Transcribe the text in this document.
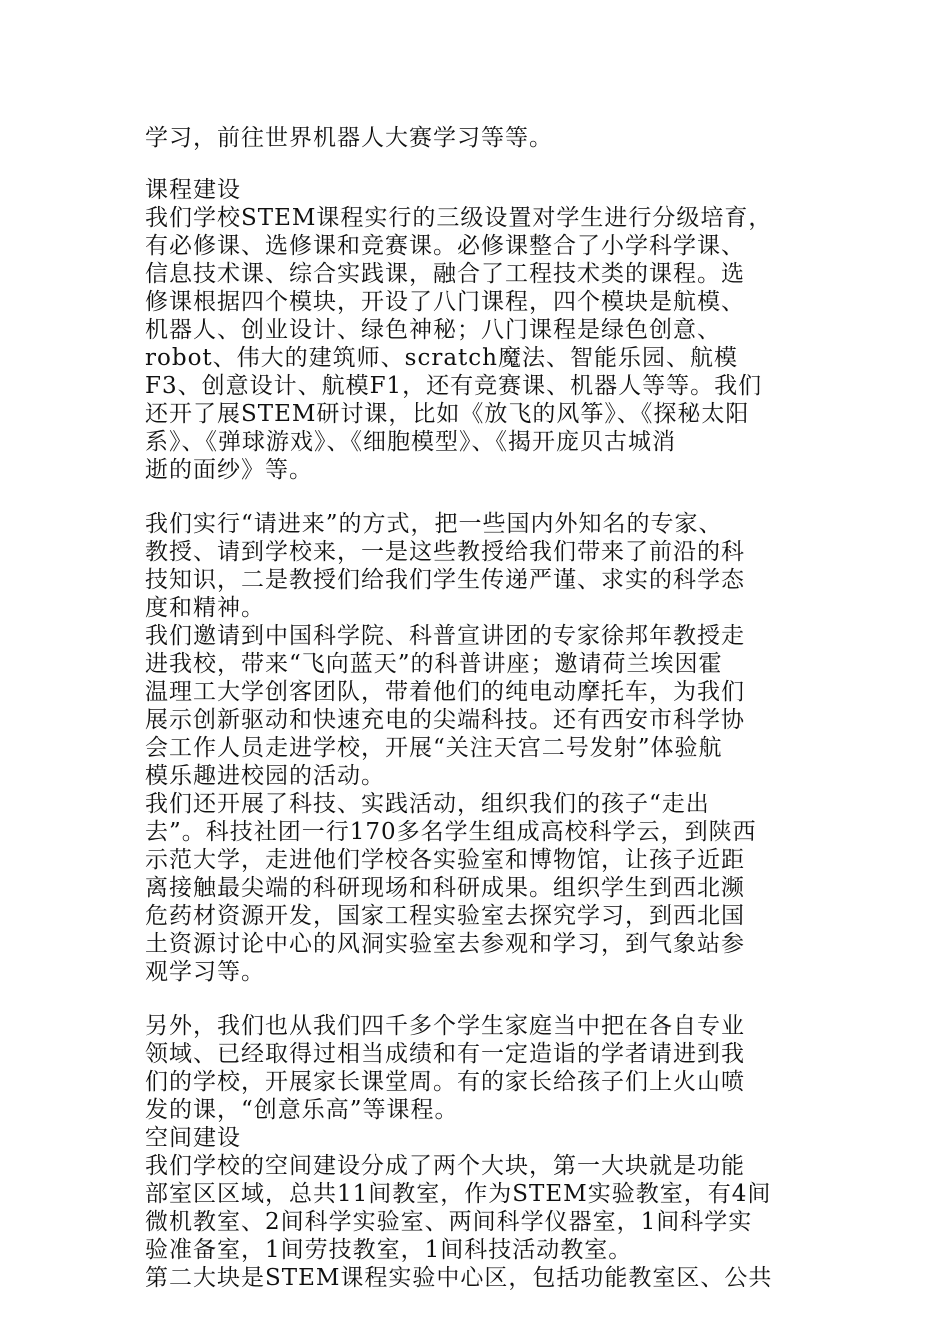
学习，前往世界机器人大赛学习等等。
课程建设
我们学校STEM课程实行的三级设置对学生进行分级培育，
有必修课、选修课和竞赛课。必修课整合了小学科学课、
信息技术课、综合实践课，融合了工程技术类的课程。选
修课根据四个模块，开设了八门课程，四个模块是航模、
机器人、创业设计、绿色神秘；八门课程是绿色创意、
robot、伟大的建筑师、scratch魔法、智能乐园、航模
F3、创意设计、航模F1，还有竞赛课、机器人等等。我们
还开了展STEM研讨课，比如《放飞的风筝》、《探秘太阳
系》、《弹球游戏》、《细胞模型》、《揭开庞贝古城消
逝的面纱》等。
我们实行“请进来”的方式，把一些国内外知名的专家、
教授、请到学校来，一是这些教授给我们带来了前沿的科
技知识，二是教授们给我们学生传递严谨、求实的科学态
度和精神。
我们邀请到中国科学院、科普宣讲团的专家徐邦年教授走
进我校，带来“飞向蓝天”的科普讲座；邀请荷兰埃因霍
温理工大学创客团队，带着他们的纯电动摩托车，为我们
展示创新驱动和快速充电的尖端科技。还有西安市科学协
会工作人员走进学校，开展“关注天宫二号发射”体验航
模乐趣进校园的活动。
我们还开展了科技、实践活动，组织我们的孩子“走出
去”。科技社团一行170多名学生组成高校科学云，到陕西
示范大学，走进他们学校各实验室和博物馆，让孩子近距
离接触最尖端的科研现场和科研成果。组织学生到西北濒
危药材资源开发，国家工程实验室去探究学习，到西北国
土资源讨论中心的风洞实验室去参观和学习，到气象站参
观学习等。
另外，我们也从我们四千多个学生家庭当中把在各自专业
领域、已经取得过相当成绩和有一定造诣的学者请进到我
们的学校，开展家长课堂周。有的家长给孩子们上火山喷
发的课，“创意乐高”等课程。
空间建设
我们学校的空间建设分成了两个大块，第一大块就是功能
部室区区域，总共11间教室，作为STEM实验教室，有4间
微机教室、2间科学实验室、两间科学仪器室，1间科学实
验准备室，1间劳技教室，1间科技活动教室。
第二大块是STEM课程实验中心区，包括功能教室区、公共
